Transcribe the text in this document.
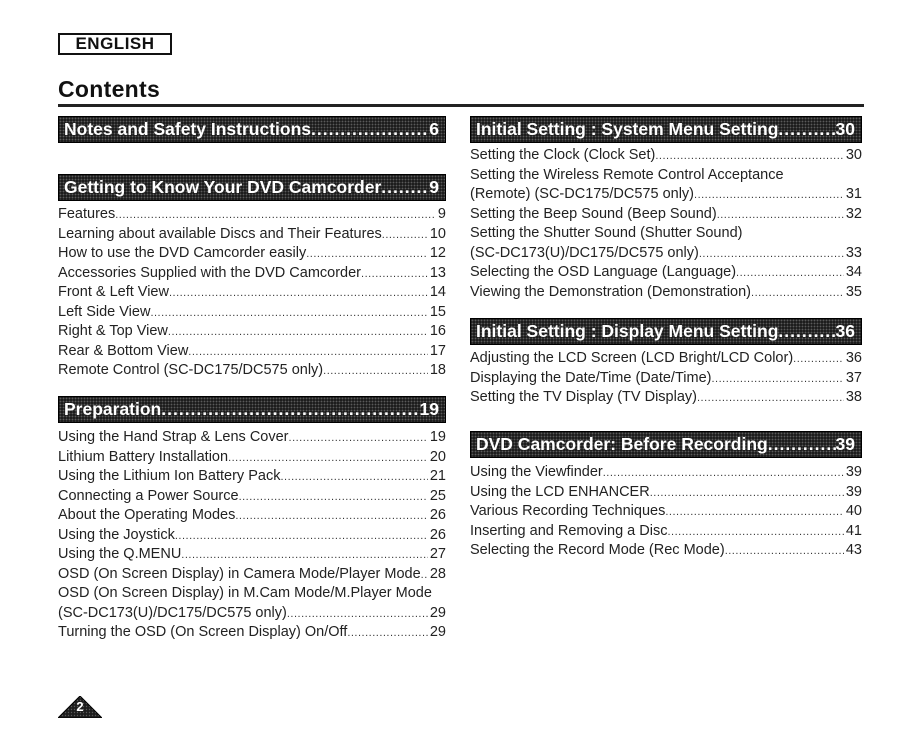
ENGLISH
Contents
Notes and Safety Instructions .....	6
Getting to Know Your DVD Camcorder .....	9
Features .....	9
Learning about available Discs and Their Features .....	10
How to use the DVD Camcorder easily .....	12
Accessories Supplied with the DVD Camcorder .....	13
Front & Left View .....	14
Left Side View .....	15
Right & Top View .....	16
Rear & Bottom View .....	17
Remote Control (SC-DC175/DC575 only) .....	18
Preparation .....	19
Using the Hand Strap & Lens Cover .....	19
Lithium Battery Installation .....	20
Using the Lithium Ion Battery Pack .....	21
Connecting a Power Source .....	25
About the Operating Modes .....	26
Using the Joystick .....	26
Using the Q.MENU .....	27
OSD (On Screen Display) in Camera Mode/Player Mode ..... 28
OSD (On Screen Display) in M.Cam Mode/M.Player Mode
(SC-DC173(U)/DC175/DC575 only) .....	29
Turning the OSD (On Screen Display) On/Off .....	29
Initial Setting : System Menu Setting .....	30
Setting the Clock (Clock Set) .....	30
Setting the Wireless Remote Control Acceptance
(Remote) (SC-DC175/DC575 only) .....	31
Setting the Beep Sound (Beep Sound) .....	32
Setting the Shutter Sound (Shutter Sound)
(SC-DC173(U)/DC175/DC575 only) .....	33
Selecting the OSD Language (Language) .....	34
Viewing the Demonstration (Demonstration) .....	35
Initial Setting : Display Menu Setting .....	36
Adjusting the LCD Screen (LCD Bright/LCD Color) .....	36
Displaying the Date/Time (Date/Time) .....	37
Setting the TV Display (TV Display) .....	38
DVD Camcorder: Before Recording .....	39
Using the Viewfinder .....	39
Using the LCD ENHANCER .....	39
Various Recording Techniques .....	40
Inserting and Removing a Disc .....	41
Selecting the Record Mode (Rec Mode) .....	43
2
